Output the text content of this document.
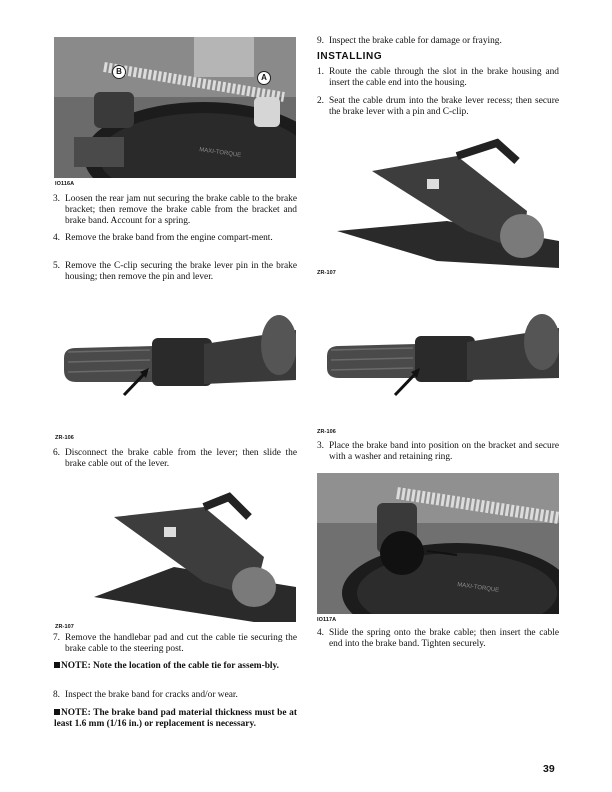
B
A
MAXI-TORQUE
IO116A
3. Loosen the rear jam nut securing the brake cable to the brake bracket; then remove the brake cable from the bracket and brake band. Account for a spring.
4. Remove the brake band from the engine compart-ment.
5. Remove the C-clip securing the brake lever pin in the brake housing; then remove the pin and lever.
ZR-106
6. Disconnect the brake cable from the lever; then slide the brake cable out of the lever.
ZR-107
7. Remove the handlebar pad and cut the cable tie securing the brake cable to the steering post.
NOTE: Note the location of the cable tie for assem-bly.
8. Inspect the brake band for cracks and/or wear.
NOTE: The brake band pad material thickness must be at least 1.6 mm (1/16 in.) or replacement is necessary.
9. Inspect the brake cable for damage or fraying.
INSTALLING
1. Route the cable through the slot in the brake housing and insert the cable end into the housing.
2. Seat the cable drum into the brake lever recess; then secure the brake lever with a pin and C-clip.
ZR-107
ZR-106
3. Place the brake band into position on the bracket and secure with a washer and retaining ring.
MAXI-TORQUE
IO117A
4. Slide the spring onto the brake cable; then insert the cable end into the brake band. Tighten securely.
39
